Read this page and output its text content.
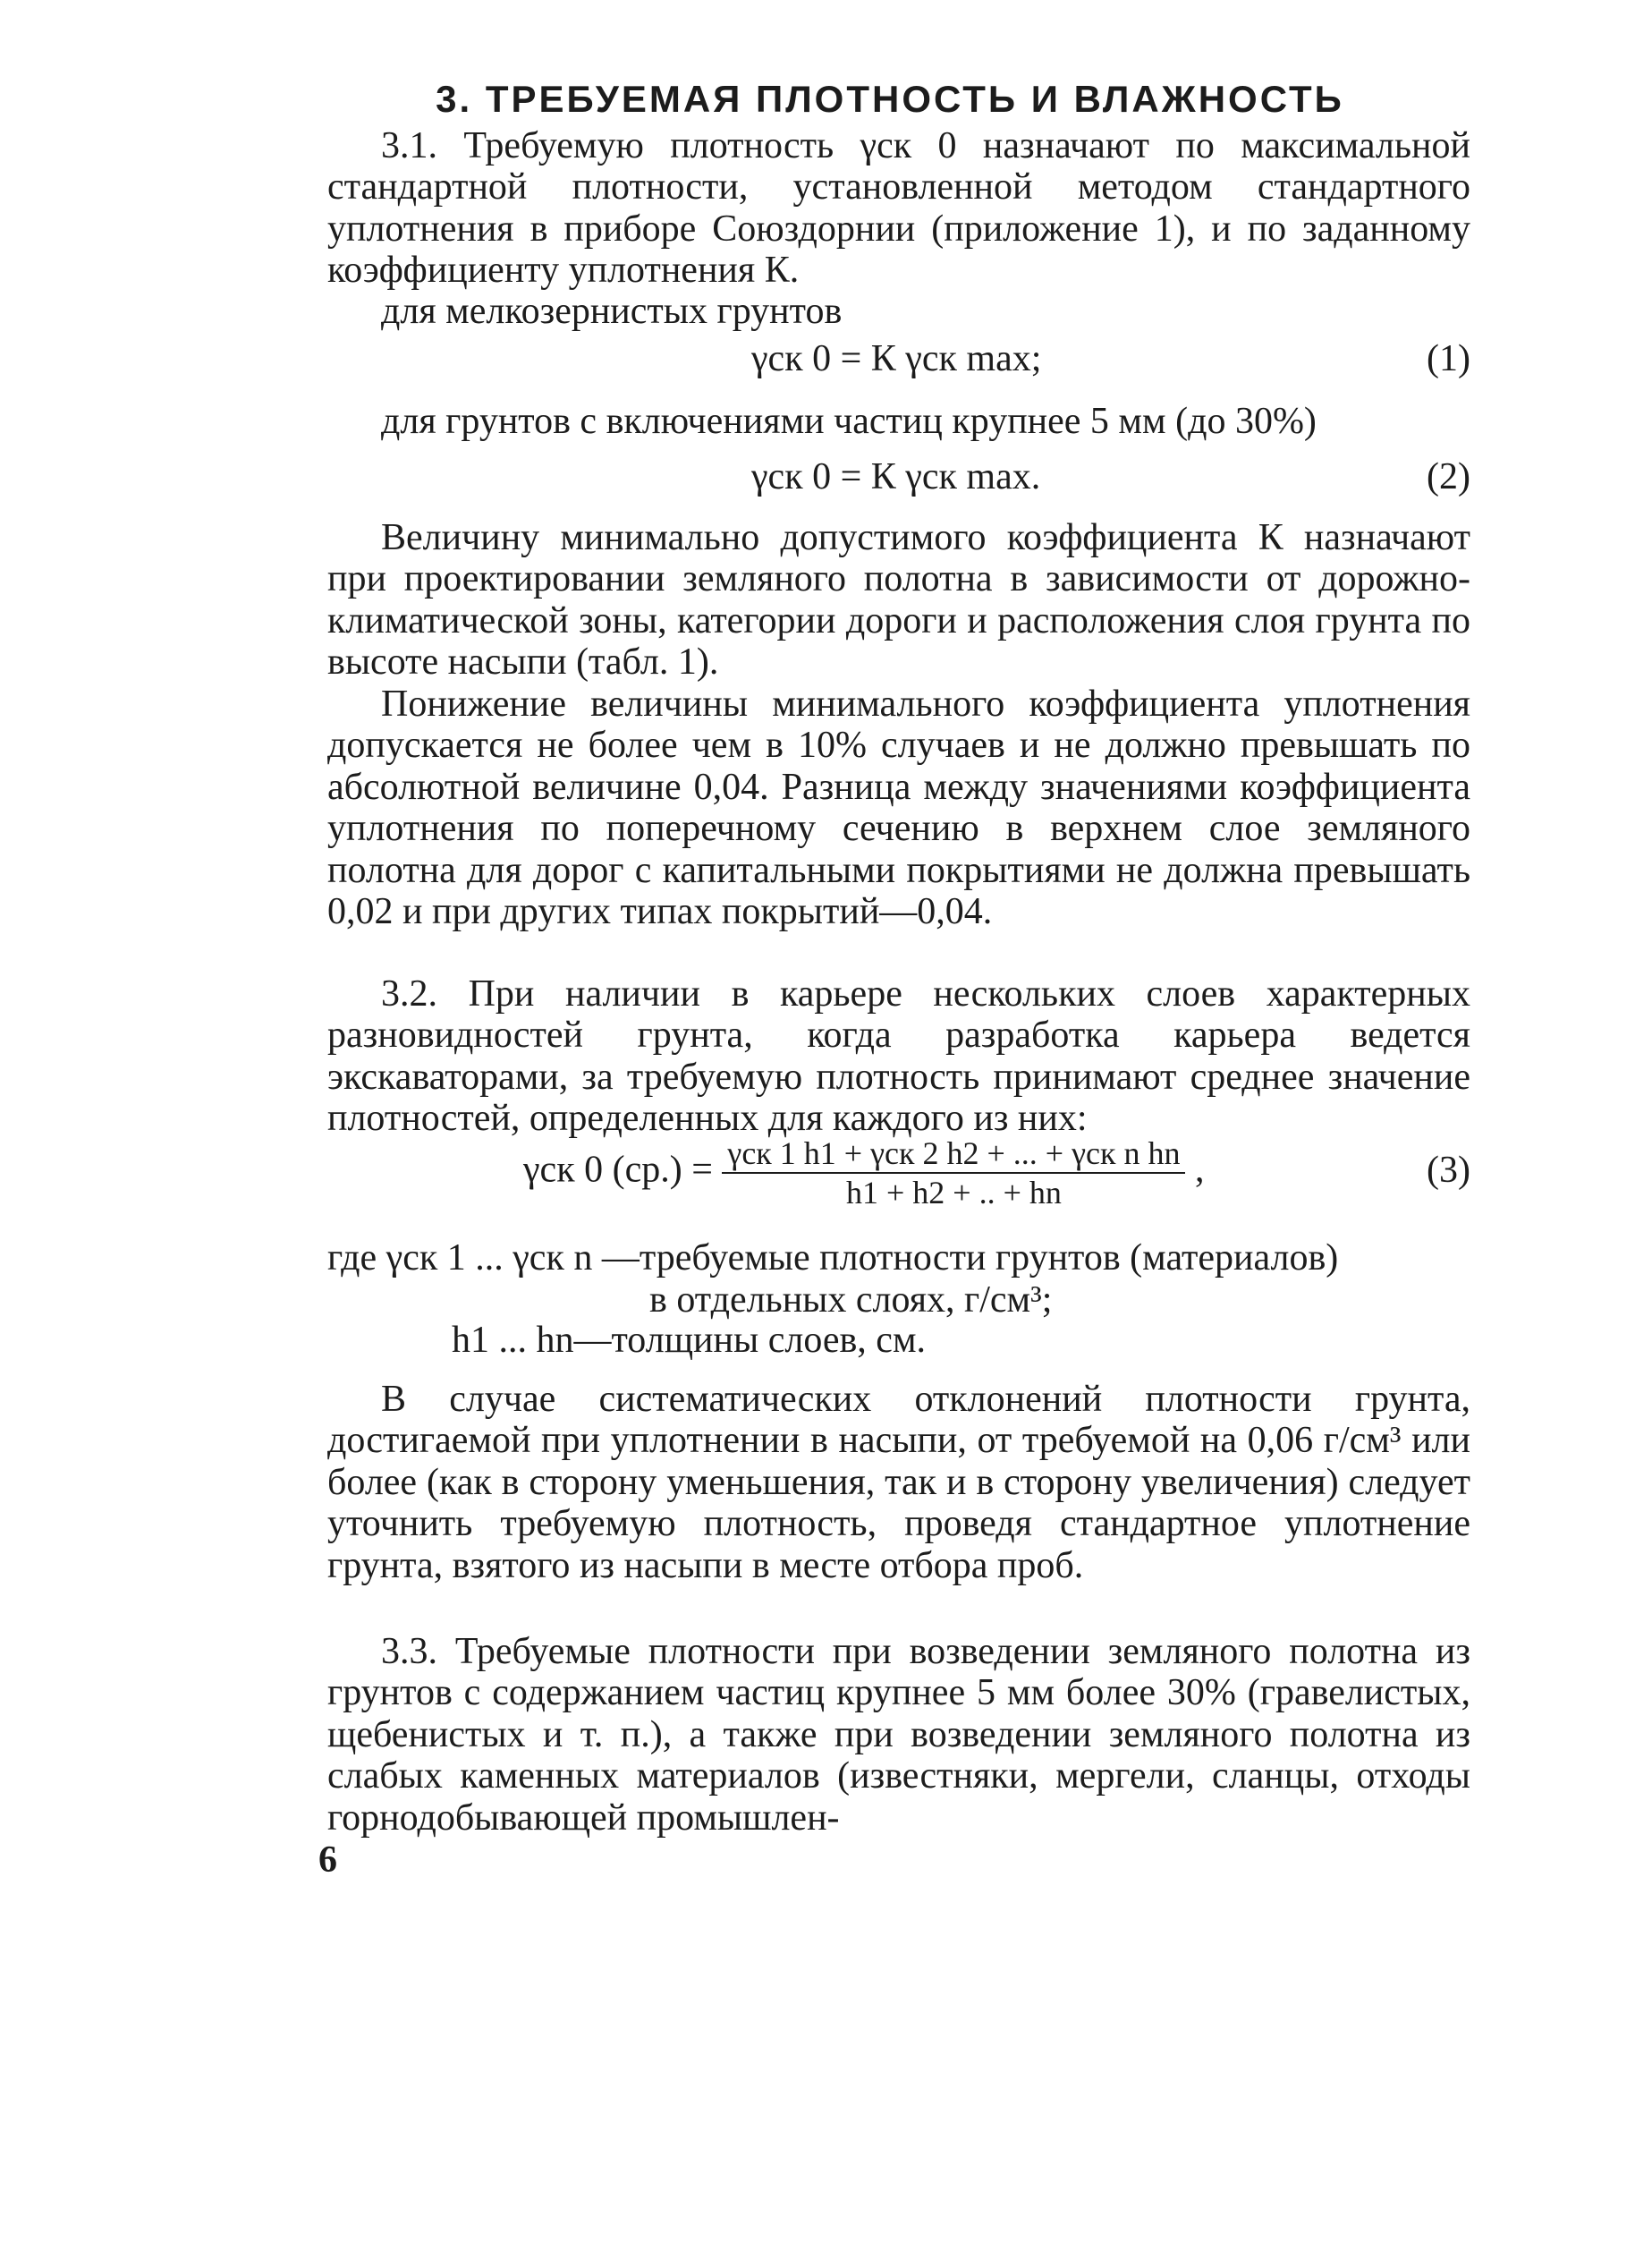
3. ТРЕБУЕМАЯ ПЛОТНОСТЬ И ВЛАЖНОСТЬ
3.1. Требуемую плотность γск 0 назначают по максимальной стандартной плотности, установленной методом стандартного уплотнения в приборе Союздорнии (приложение 1), и по заданному коэффициенту уплотнения К.
для мелкозернистых грунтов
γск 0 = К γск max;	(1)
для грунтов с включениями частиц крупнее 5 мм (до 30%)
γск 0 = К γск max.	(2)
Величину минимально допустимого коэффициента К назначают при проектировании земляного полотна в зависимости от дорожно-климатической зоны, категории дороги и расположения слоя грунта по высоте насыпи (табл. 1).
Понижение величины минимального коэффициента уплотнения допускается не более чем в 10% случаев и не должно превышать по абсолютной величине 0,04. Разница между значениями коэффициента уплотнения по поперечному сечению в верхнем слое земляного полотна для дорог с капитальными покрытиями не должна превышать 0,02 и при других типах покрытий—0,04.
3.2. При наличии в карьере нескольких слоев характерных разновидностей грунта, когда разработка карьера ведется экскаваторами, за требуемую плотность принимают среднее значение плотностей, определенных для каждого из них:
γск 0 $(ср.) = \frac{\text{γск 1 h1 + γск 2 h2 + ... + γск n hn}}{h1 + h2 + .. + hn}$ ,	(3)
где γск 1 ... γск n —требуемые плотности грунтов (материалов)
в отдельных слоях, г/см³;
h1 ... hn—толщины слоев, см.
В случае систематических отклонений плотности грунта, достигаемой при уплотнении в насыпи, от требуемой на 0,06 г/см³ или более (как в сторону уменьшения, так и в сторону увеличения) следует уточнить требуемую плотность, проведя стандартное уплотнение грунта, взятого из насыпи в месте отбора проб.
3.3. Требуемые плотности при возведении земляного полотна из грунтов с содержанием частиц крупнее 5 мм более 30% (гравелистых, щебенистых и т. п.), а также при возведении земляного полотна из слабых каменных материалов (известняки, мергели, сланцы, отходы горнодобывающей промышлен-
6
